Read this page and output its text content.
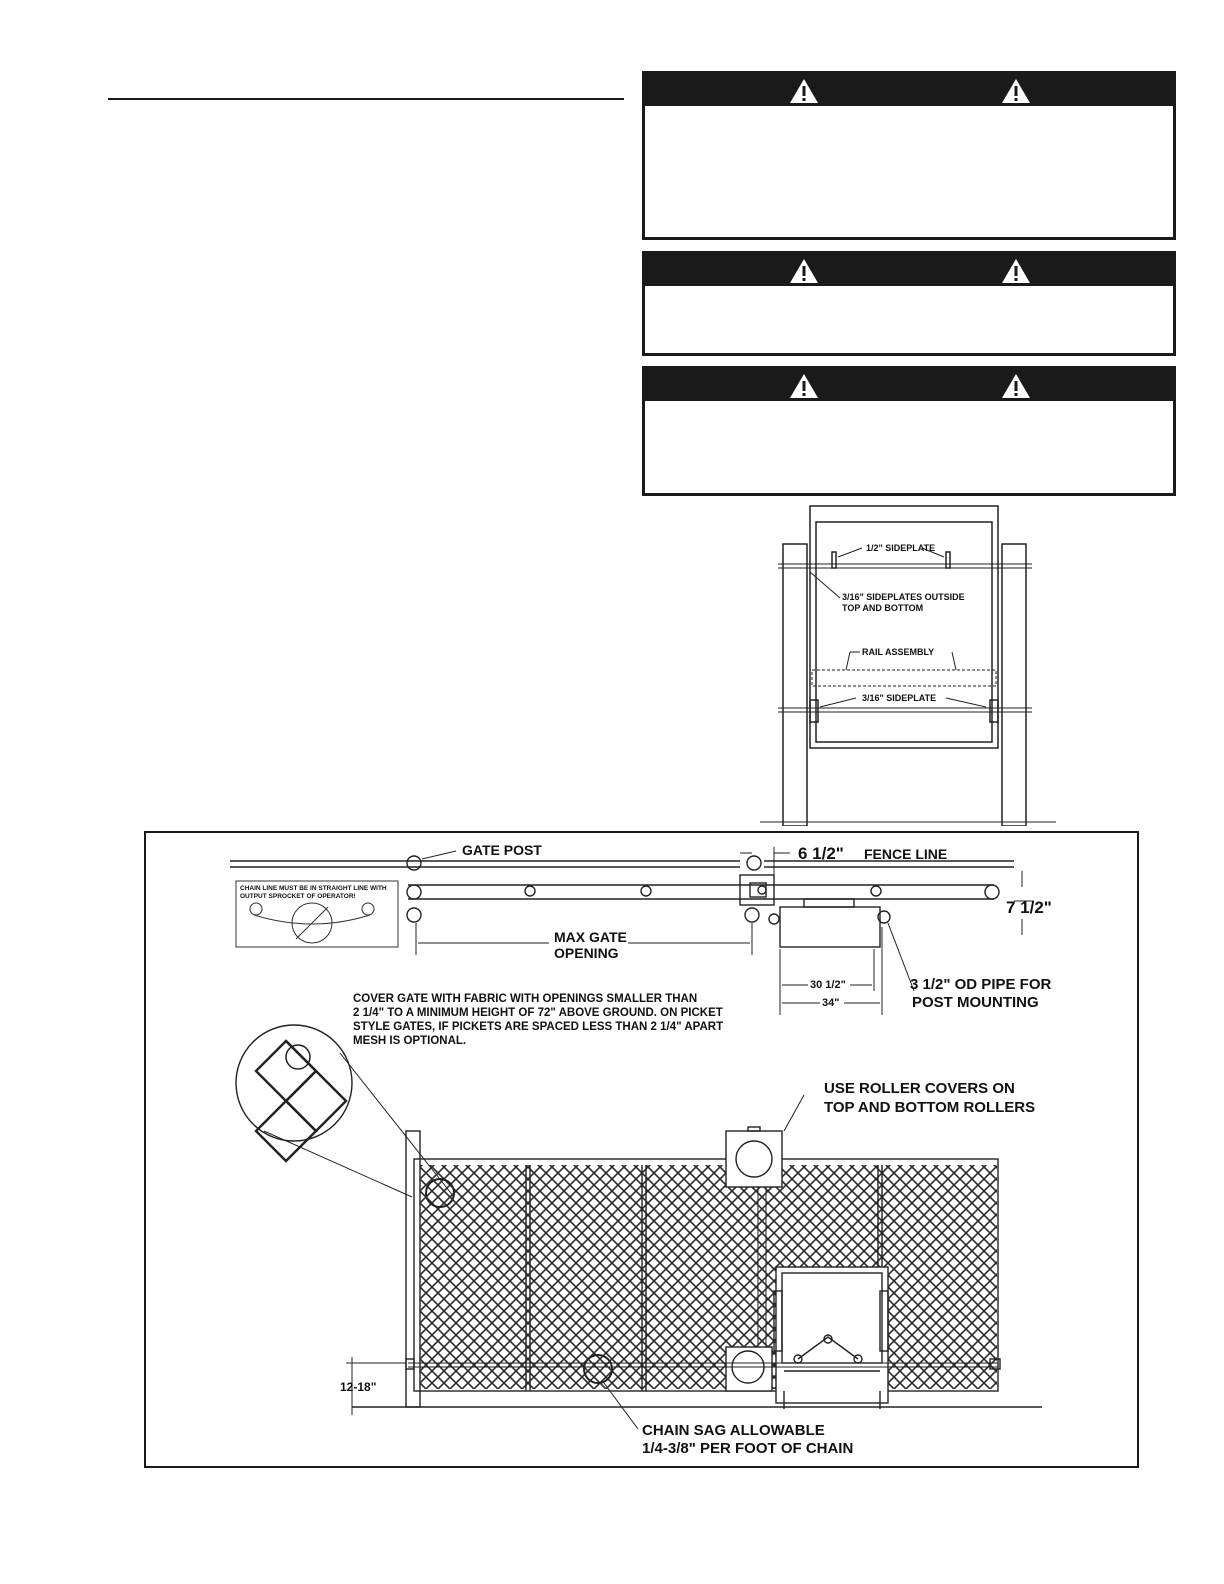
1/2" SIDEPLATE
3/16" SIDEPLATES OUTSIDE
TOP AND BOTTOM
RAIL ASSEMBLY
3/16" SIDEPLATE
CHAIN LINE MUST BE IN STRAIGHT LINE WITH
OUTPUT SPROCKET OF OPERATOR!
GATE POST	6 1/2" FENCE LINE
7 1/2"
MAX GATE
OPENING
30 1/2"
34"
3 1/2" OD PIPE FOR
POST MOUNTING
COVER GATE WITH FABRIC WITH OPENINGS SMALLER THAN
2 1/4" TO A MINIMUM HEIGHT OF 72" ABOVE GROUND. ON PICKET
STYLE GATES, IF PICKETS ARE SPACED LESS THAN 2 1/4" APART
MESH IS OPTIONAL.
USE ROLLER COVERS ON
TOP AND BOTTOM ROLLERS
12-18"
CHAIN SAG ALLOWABLE
1/4-3/8" PER FOOT OF CHAIN
